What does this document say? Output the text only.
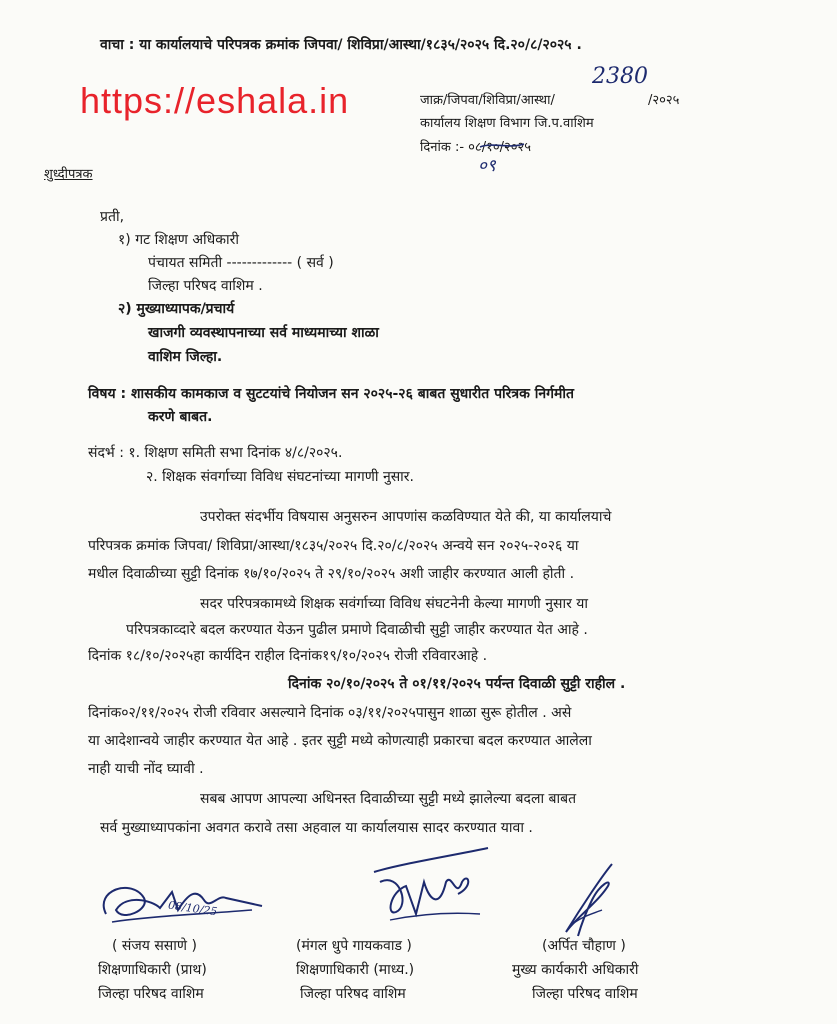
वाचा : या कार्यालयाचे परिपत्रक क्रमांक जिपवा/ शिविप्रा/आस्था/१८३५/२०२५ दि.२०/८/२०२५ .
https://eshala.in	जाक्र/जिपवा/शिविप्रा/आस्था/	/२०२५
2380
कार्यालय शिक्षण विभाग जि.प.वाशिम
दिनांक :- ०८/१०/२०२५
०९
शुध्दीपत्रक
प्रती,
१) गट शिक्षण अधिकारी
पंचायत समिती ------------- ( सर्व )
जिल्हा परिषद वाशिम .
२) मुख्याध्यापक/प्रचार्य
खाजगी व्यवस्थापनाच्या सर्व माध्यमाच्या शाळा
वाशिम जिल्हा.
विषय : शासकीय कामकाज व सुटटयांचे नियोजन सन २०२५-२६ बाबत सुधारीत परित्रक निर्गमीत
करणे बाबत.
संदर्भ : १. शिक्षण समिती सभा दिनांक ४/८/२०२५.
२. शिक्षक संवर्गाच्या विविध संघटनांच्या मागणी नुसार.
उपरोक्त संदर्भीय विषयास अनुसरुन आपणांस कळविण्यात येते की, या कार्यालयाचे
परिपत्रक क्रमांक जिपवा/ शिविप्रा/आस्था/१८३५/२०२५ दि.२०/८/२०२५ अन्वये सन २०२५-२०२६ या
मधील दिवाळीच्या सुट्टी दिनांक १७/१०/२०२५ ते २९/१०/२०२५ अशी जाहीर करण्यात आली होती .
सदर परिपत्रकामध्ये शिक्षक सवंर्गाच्या विविध संघटनेनी केल्या मागणी नुसार या
परिपत्रकाव्दारे बदल करण्यात येऊन पुढील प्रमाणे दिवाळीची सुट्टी जाहीर करण्यात येत आहे .
दिनांक १८/१०/२०२५हा कार्यदिन राहील दिनांक१९/१०/२०२५ रोजी रविवारआहे .
दिनांक २०/१०/२०२५ ते ०१/११/२०२५ पर्यन्त दिवाळी सुट्टी राहील .
दिनांक०२/११/२०२५ रोजी रविवार असल्याने दिनांक ०३/११/२०२५पासुन शाळा सुरू होतील . असे
या आदेशान्वये जाहीर करण्यात येत आहे . इतर सुट्टी मध्ये कोणत्याही प्रकारचा बदल करण्यात आलेला
नाही याची नोंद घ्यावी .
सबब आपण आपल्या अधिनस्त दिवाळीच्या सुट्टी मध्ये झालेल्या बदला बाबत
सर्व मुख्याध्यापकांना अवगत करावे तसा अहवाल या कार्यालयास सादर करण्यात यावा .
08/10/25
( संजय ससाणे )
शिक्षणाधिकारी (प्राथ)
जिल्हा परिषद वाशिम
(मंगल धुपे गायकवाड )
शिक्षणाधिकारी (माध्य.)
जिल्हा परिषद वाशिम
(अर्पित चौहाण )
मुख्य कार्यकारी अधिकारी
जिल्हा परिषद वाशिम
